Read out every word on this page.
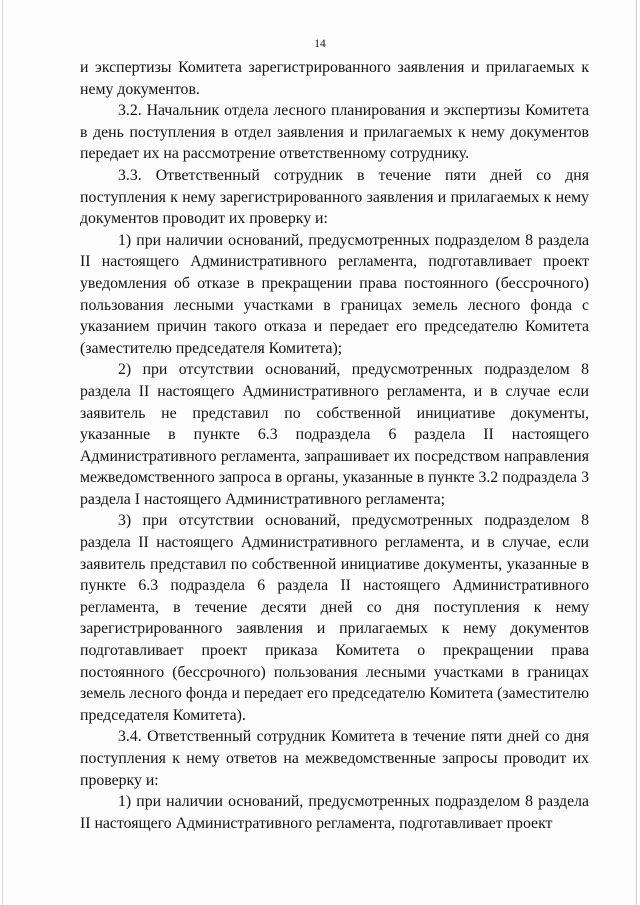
14

и экспертизы Комитета зарегистрированного заявления и прилагаемых к нему документов.

3.2. Начальник отдела лесного планирования и экспертизы Комитета в день поступления в отдел заявления и прилагаемых к нему документов передает их на рассмотрение ответственному сотруднику.

3.3. Ответственный сотрудник в течение пяти дней со дня поступления к нему зарегистрированного заявления и прилагаемых к нему документов проводит их проверку и:

1) при наличии оснований, предусмотренных подразделом 8 раздела II настоящего Административного регламента, подготавливает проект уведомления об отказе в прекращении права постоянного (бессрочного) пользования лесными участками в границах земель лесного фонда с указанием причин такого отказа и передает его председателю Комитета (заместителю председателя Комитета);

2) при отсутствии оснований, предусмотренных подразделом 8 раздела II настоящего Административного регламента, и в случае если заявитель не представил по собственной инициативе документы, указанные в пункте 6.3 подраздела 6 раздела II настоящего Административного регламента, запрашивает их посредством направления межведомственного запроса в органы, указанные в пункте 3.2 подраздела 3 раздела I настоящего Административного регламента;

3) при отсутствии оснований, предусмотренных подразделом 8 раздела II настоящего Административного регламента, и в случае, если заявитель представил по собственной инициативе документы, указанные в пункте 6.3 подраздела 6 раздела II настоящего Административного регламента, в течение десяти дней со дня поступления к нему зарегистрированного заявления и прилагаемых к нему документов подготавливает проект приказа Комитета о прекращении права постоянного (бессрочного) пользования лесными участками в границах земель лесного фонда и передает его председателю Комитета (заместителю председателя Комитета).

3.4. Ответственный сотрудник Комитета в течение пяти дней со дня поступления к нему ответов на межведомственные запросы проводит их проверку и:

1) при наличии оснований, предусмотренных подразделом 8 раздела II настоящего Административного регламента, подготавливает проект
